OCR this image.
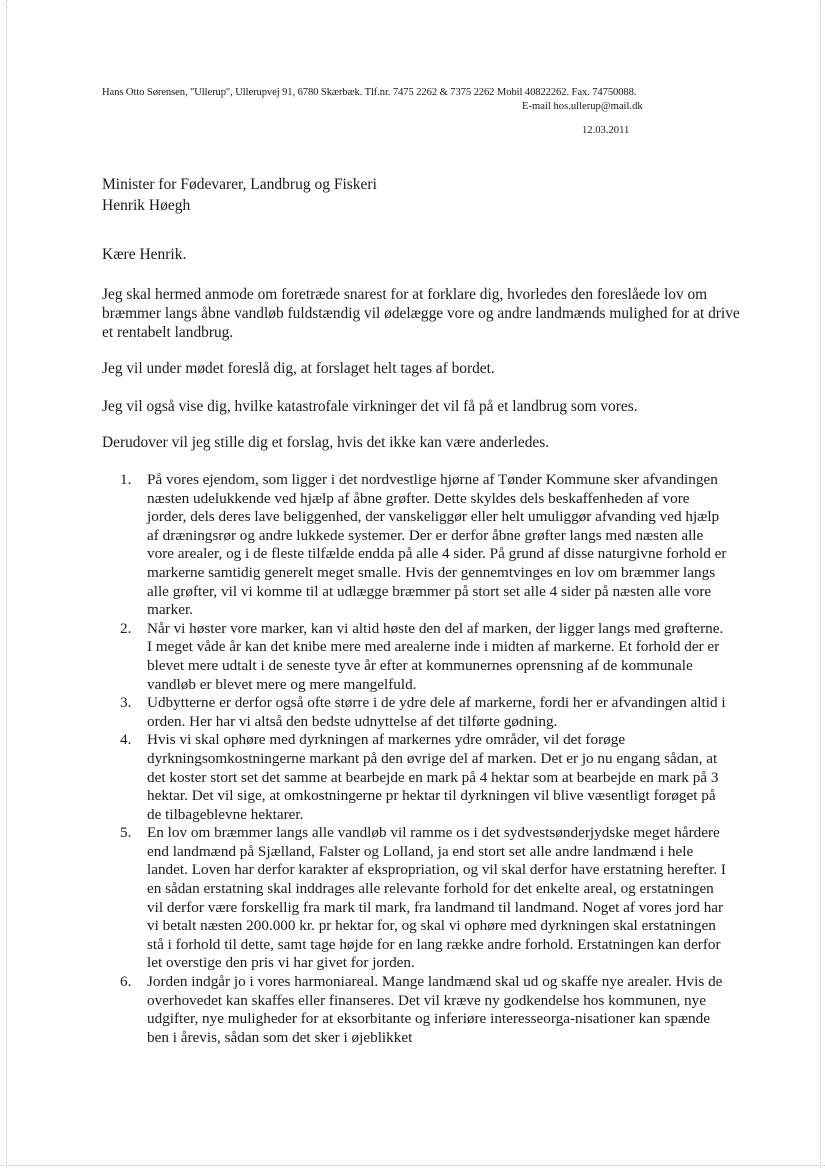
Hans Otto Sørensen, "Ullerup", Ullerupvej 91, 6780 Skærbæk. Tlf.nr. 7475 2262 & 7375 2262 Mobil 40822262. Fax. 74750088.
E-mail hos.ullerup@mail.dk
12.03.2011
Minister for Fødevarer, Landbrug og Fiskeri
Henrik Høegh
Kære Henrik.
Jeg skal hermed anmode om foretræde snarest for at forklare dig, hvorledes den foreslåede lov om bræmmer langs åbne vandløb fuldstændig vil ødelægge vore og andre landmænds mulighed for at drive et rentabelt landbrug.
Jeg vil under mødet foreslå dig, at forslaget helt tages af bordet.
Jeg vil også vise dig, hvilke katastrofale virkninger det vil få på et landbrug som vores.
Derudover vil jeg stille dig et forslag, hvis det ikke kan være anderledes.
1. På vores ejendom, som ligger i det nordvestlige hjørne af Tønder Kommune sker afvandingen næsten udelukkende ved hjælp af åbne grøfter. Dette skyldes dels beskaffenheden af vore jorder, dels deres lave beliggenhed, der vanskeliggør eller helt umuliggør afvanding ved hjælp af dræningsrør og andre lukkede systemer. Der er derfor åbne grøfter langs med næsten alle vore arealer, og i de fleste tilfælde endda på alle 4 sider. På grund af disse naturgivne forhold er markerne samtidig generelt meget smalle. Hvis der gennemtvinges en lov om bræmmer langs alle grøfter, vil vi komme til at udlægge bræmmer på stort set alle 4 sider på næsten alle vore marker.
2. Når vi høster vore marker, kan vi altid høste den del af marken, der ligger langs med grøfterne. I meget våde år kan det knibe mere med arealerne inde i midten af markerne. Et forhold der er blevet mere udtalt i de seneste tyve år efter at kommunernes oprensning af de kommunale vandløb er blevet mere og mere mangelfuld.
3. Udbytterne er derfor også ofte større i de ydre dele af markerne, fordi her er afvandingen altid i orden. Her har vi altså den bedste udnyttelse af det tilførte gødning.
4. Hvis vi skal ophøre med dyrkningen af markernes ydre områder, vil det forøge dyrkningsomkostningerne markant på den øvrige del af marken. Det er jo nu engang sådan, at det koster stort set det samme at bearbejde en mark på 4 hektar som at bearbejde en mark på 3 hektar. Det vil sige, at omkostningerne pr hektar til dyrkningen vil blive væsentligt forøget på de tilbageblevne hektarer.
5. En lov om bræmmer langs alle vandløb vil ramme os i det sydvestsønderjydske meget hårdere end landmænd på Sjælland, Falster og Lolland, ja end stort set alle andre landmænd i hele landet. Loven har derfor karakter af ekspropriation, og vil skal derfor have erstatning herefter. I en sådan erstatning skal inddrages alle relevante forhold for det enkelte areal, og erstatningen vil derfor være forskellig fra mark til mark, fra landmand til landmand. Noget af vores jord har vi betalt næsten 200.000 kr. pr hektar for, og skal vi ophøre med dyrkningen skal erstatningen stå i forhold til dette, samt tage højde for en lang række andre forhold. Erstatningen kan derfor let overstige den pris vi har givet for jorden.
6. Jorden indgår jo i vores harmoniareal. Mange landmænd skal ud og skaffe nye arealer. Hvis de overhovedet kan skaffes eller finanseres. Det vil kræve ny godkendelse hos kommunen, nye udgifter, nye muligheder for at eksorbitante og inferiøre interesseorga-nisationer kan spænde ben i årevis, sådan som det sker i øjeblikket
